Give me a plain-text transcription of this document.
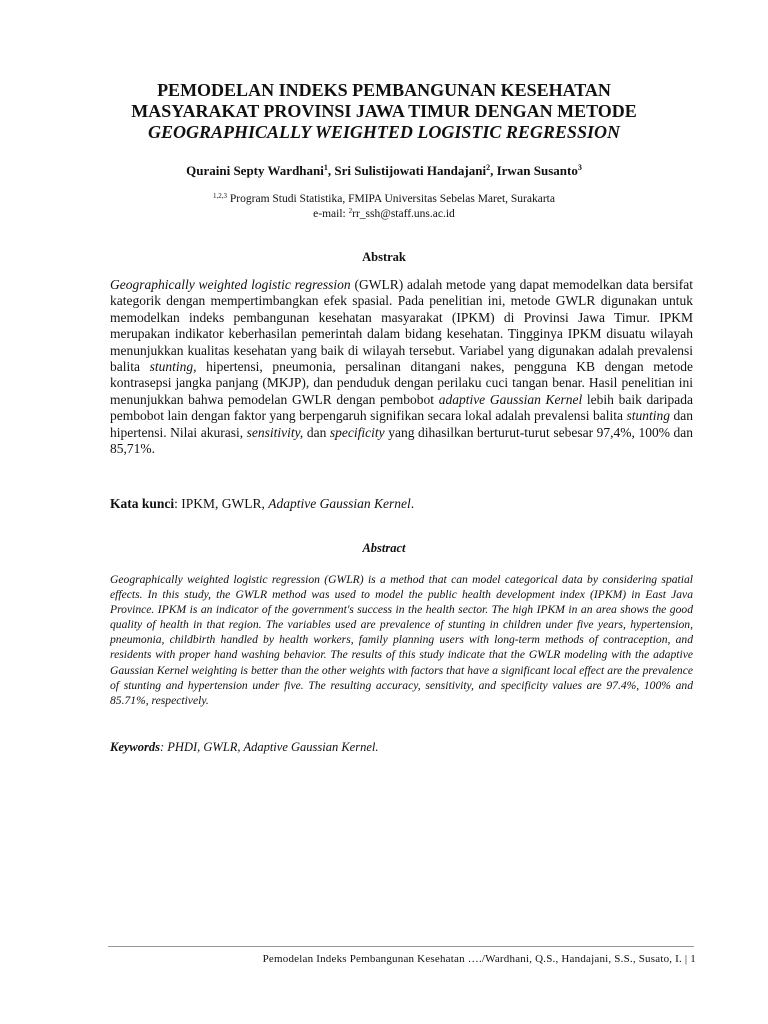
PEMODELAN INDEKS PEMBANGUNAN KESEHATAN
MASYARAKAT PROVINSI JAWA TIMUR DENGAN METODE
GEOGRAPHICALLY WEIGHTED LOGISTIC REGRESSION
Quraini Septy Wardhani$^1$, Sri Sulistijowati Handajani$^2$, Irwan Susanto$^3$
$^{1,2,3}$ Program Studi Statistika, FMIPA Universitas Sebelas Maret, Surakarta
e-mail: $^2$rr_ssh@staff.uns.ac.id
Abstrak
Geographically weighted logistic regression (GWLR) adalah metode yang dapat memodelkan data bersifat kategorik dengan mempertimbangkan efek spasial. Pada penelitian ini, metode GWLR digunakan untuk memodelkan indeks pembangunan kesehatan masyarakat (IPKM) di Provinsi Jawa Timur. IPKM merupakan indikator keberhasilan pemerintah dalam bidang kesehatan. Tingginya IPKM disuatu wilayah menunjukkan kualitas kesehatan yang baik di wilayah tersebut. Variabel yang digunakan adalah prevalensi balita stunting, hipertensi, pneumonia, persalinan ditangani nakes, pengguna KB dengan metode kontrasepsi jangka panjang (MKJP), dan penduduk dengan perilaku cuci tangan benar. Hasil penelitian ini menunjukkan bahwa pemodelan GWLR dengan pembobot adaptive Gaussian Kernel lebih baik daripada pembobot lain dengan faktor yang berpengaruh signifikan secara lokal adalah prevalensi balita stunting dan hipertensi. Nilai akurasi, sensitivity, dan specificity yang dihasilkan berturut-turut sebesar 97,4%, 100% dan 85,71%.
Kata kunci: IPKM, GWLR, Adaptive Gaussian Kernel.
Abstract
Geographically weighted logistic regression (GWLR) is a method that can model categorical data by considering spatial effects. In this study, the GWLR method was used to model the public health development index (IPKM) in East Java Province. IPKM is an indicator of the government's success in the health sector. The high IPKM in an area shows the good quality of health in that region. The variables used are prevalence of stunting in children under five years, hypertension, pneumonia, childbirth handled by health workers, family planning users with long-term methods of contraception, and residents with proper hand washing behavior. The results of this study indicate that the GWLR modeling with the adaptive Gaussian Kernel weighting is better than the other weights with factors that have a significant local effect are the prevalence of stunting and hypertension under five. The resulting accuracy, sensitivity, and specificity values are 97.4%, 100% and 85.71%, respectively.
Keywords: PHDI, GWLR, Adaptive Gaussian Kernel.
Pemodelan Indeks Pembangunan Kesehatan …./Wardhani, Q.S., Handajani, S.S., Susato, I. | 1
